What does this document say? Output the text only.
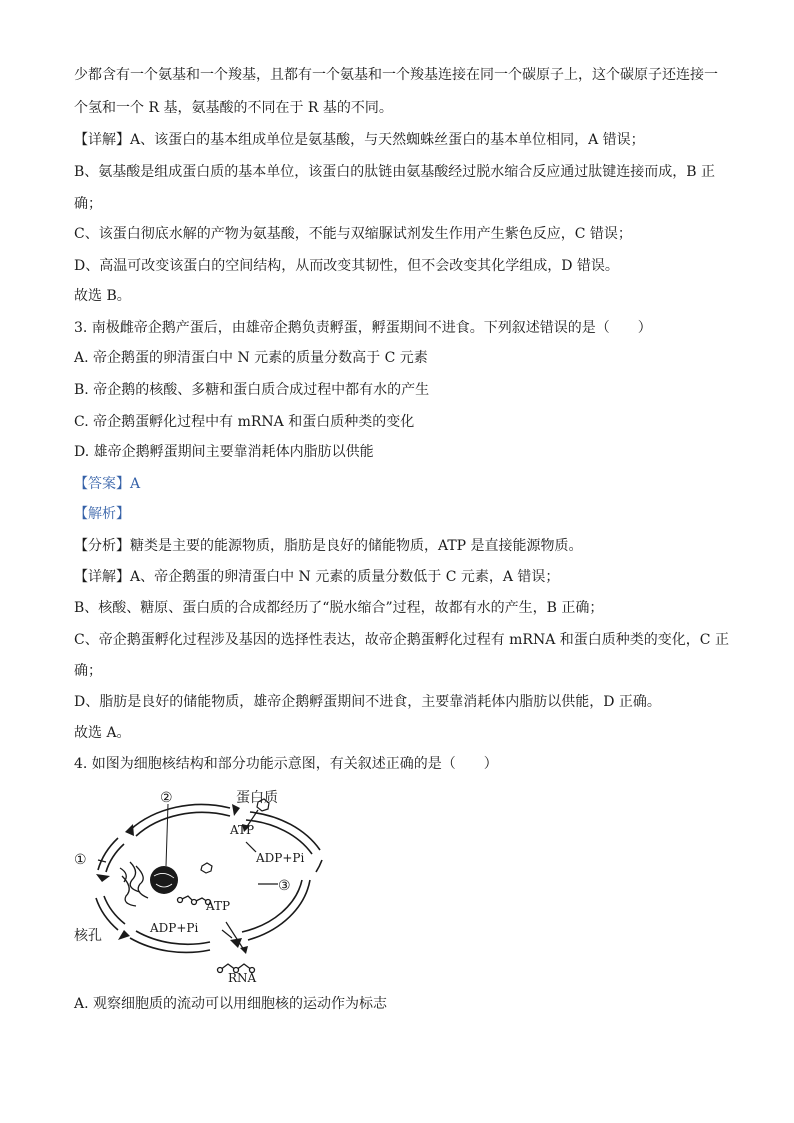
少都含有一个氨基和一个羧基，且都有一个氨基和一个羧基连接在同一个碳原子上，这个碳原子还连接一
个氢和一个 R 基，氨基酸的不同在于 R 基的不同。
【详解】A、该蛋白的基本组成单位是氨基酸，与天然蜘蛛丝蛋白的基本单位相同，A 错误；
B、氨基酸是组成蛋白质的基本单位，该蛋白的肽链由氨基酸经过脱水缩合反应通过肽键连接而成，B 正
确；
C、该蛋白彻底水解的产物为氨基酸，不能与双缩脲试剂发生作用产生紫色反应，C 错误；
D、高温可改变该蛋白的空间结构，从而改变其韧性，但不会改变其化学组成，D 错误。
故选 B。
3. 南极雌帝企鹅产蛋后，由雄帝企鹅负责孵蛋，孵蛋期间不进食。下列叙述错误的是（　　）
A. 帝企鹅蛋的卵清蛋白中 N 元素的质量分数高于 C 元素
B. 帝企鹅的核酸、多糖和蛋白质合成过程中都有水的产生
C. 帝企鹅蛋孵化过程中有 mRNA 和蛋白质种类的变化
D. 雄帝企鹅孵蛋期间主要靠消耗体内脂肪以供能
【答案】A
【解析】
【分析】糖类是主要的能源物质，脂肪是良好的储能物质，ATP 是直接能源物质。
【详解】A、帝企鹅蛋的卵清蛋白中 N 元素的质量分数低于 C 元素，A 错误；
B、核酸、糖原、蛋白质的合成都经历了“脱水缩合”过程，故都有水的产生，B 正确；
C、帝企鹅蛋孵化过程涉及基因的选择性表达，故帝企鹅蛋孵化过程有 mRNA 和蛋白质种类的变化，C 正
确；
D、脂肪是良好的储能物质，雄帝企鹅孵蛋期间不进食，主要靠消耗体内脂肪以供能，D 正确。
故选 A。
4. 如图为细胞核结构和部分功能示意图，有关叙述正确的是（　　）
蛋白质
ATP
ADP+Pi
ATP
ADP+Pi
RNA
核孔
①
②
③
A. 观察细胞质的流动可以用细胞核的运动作为标志
